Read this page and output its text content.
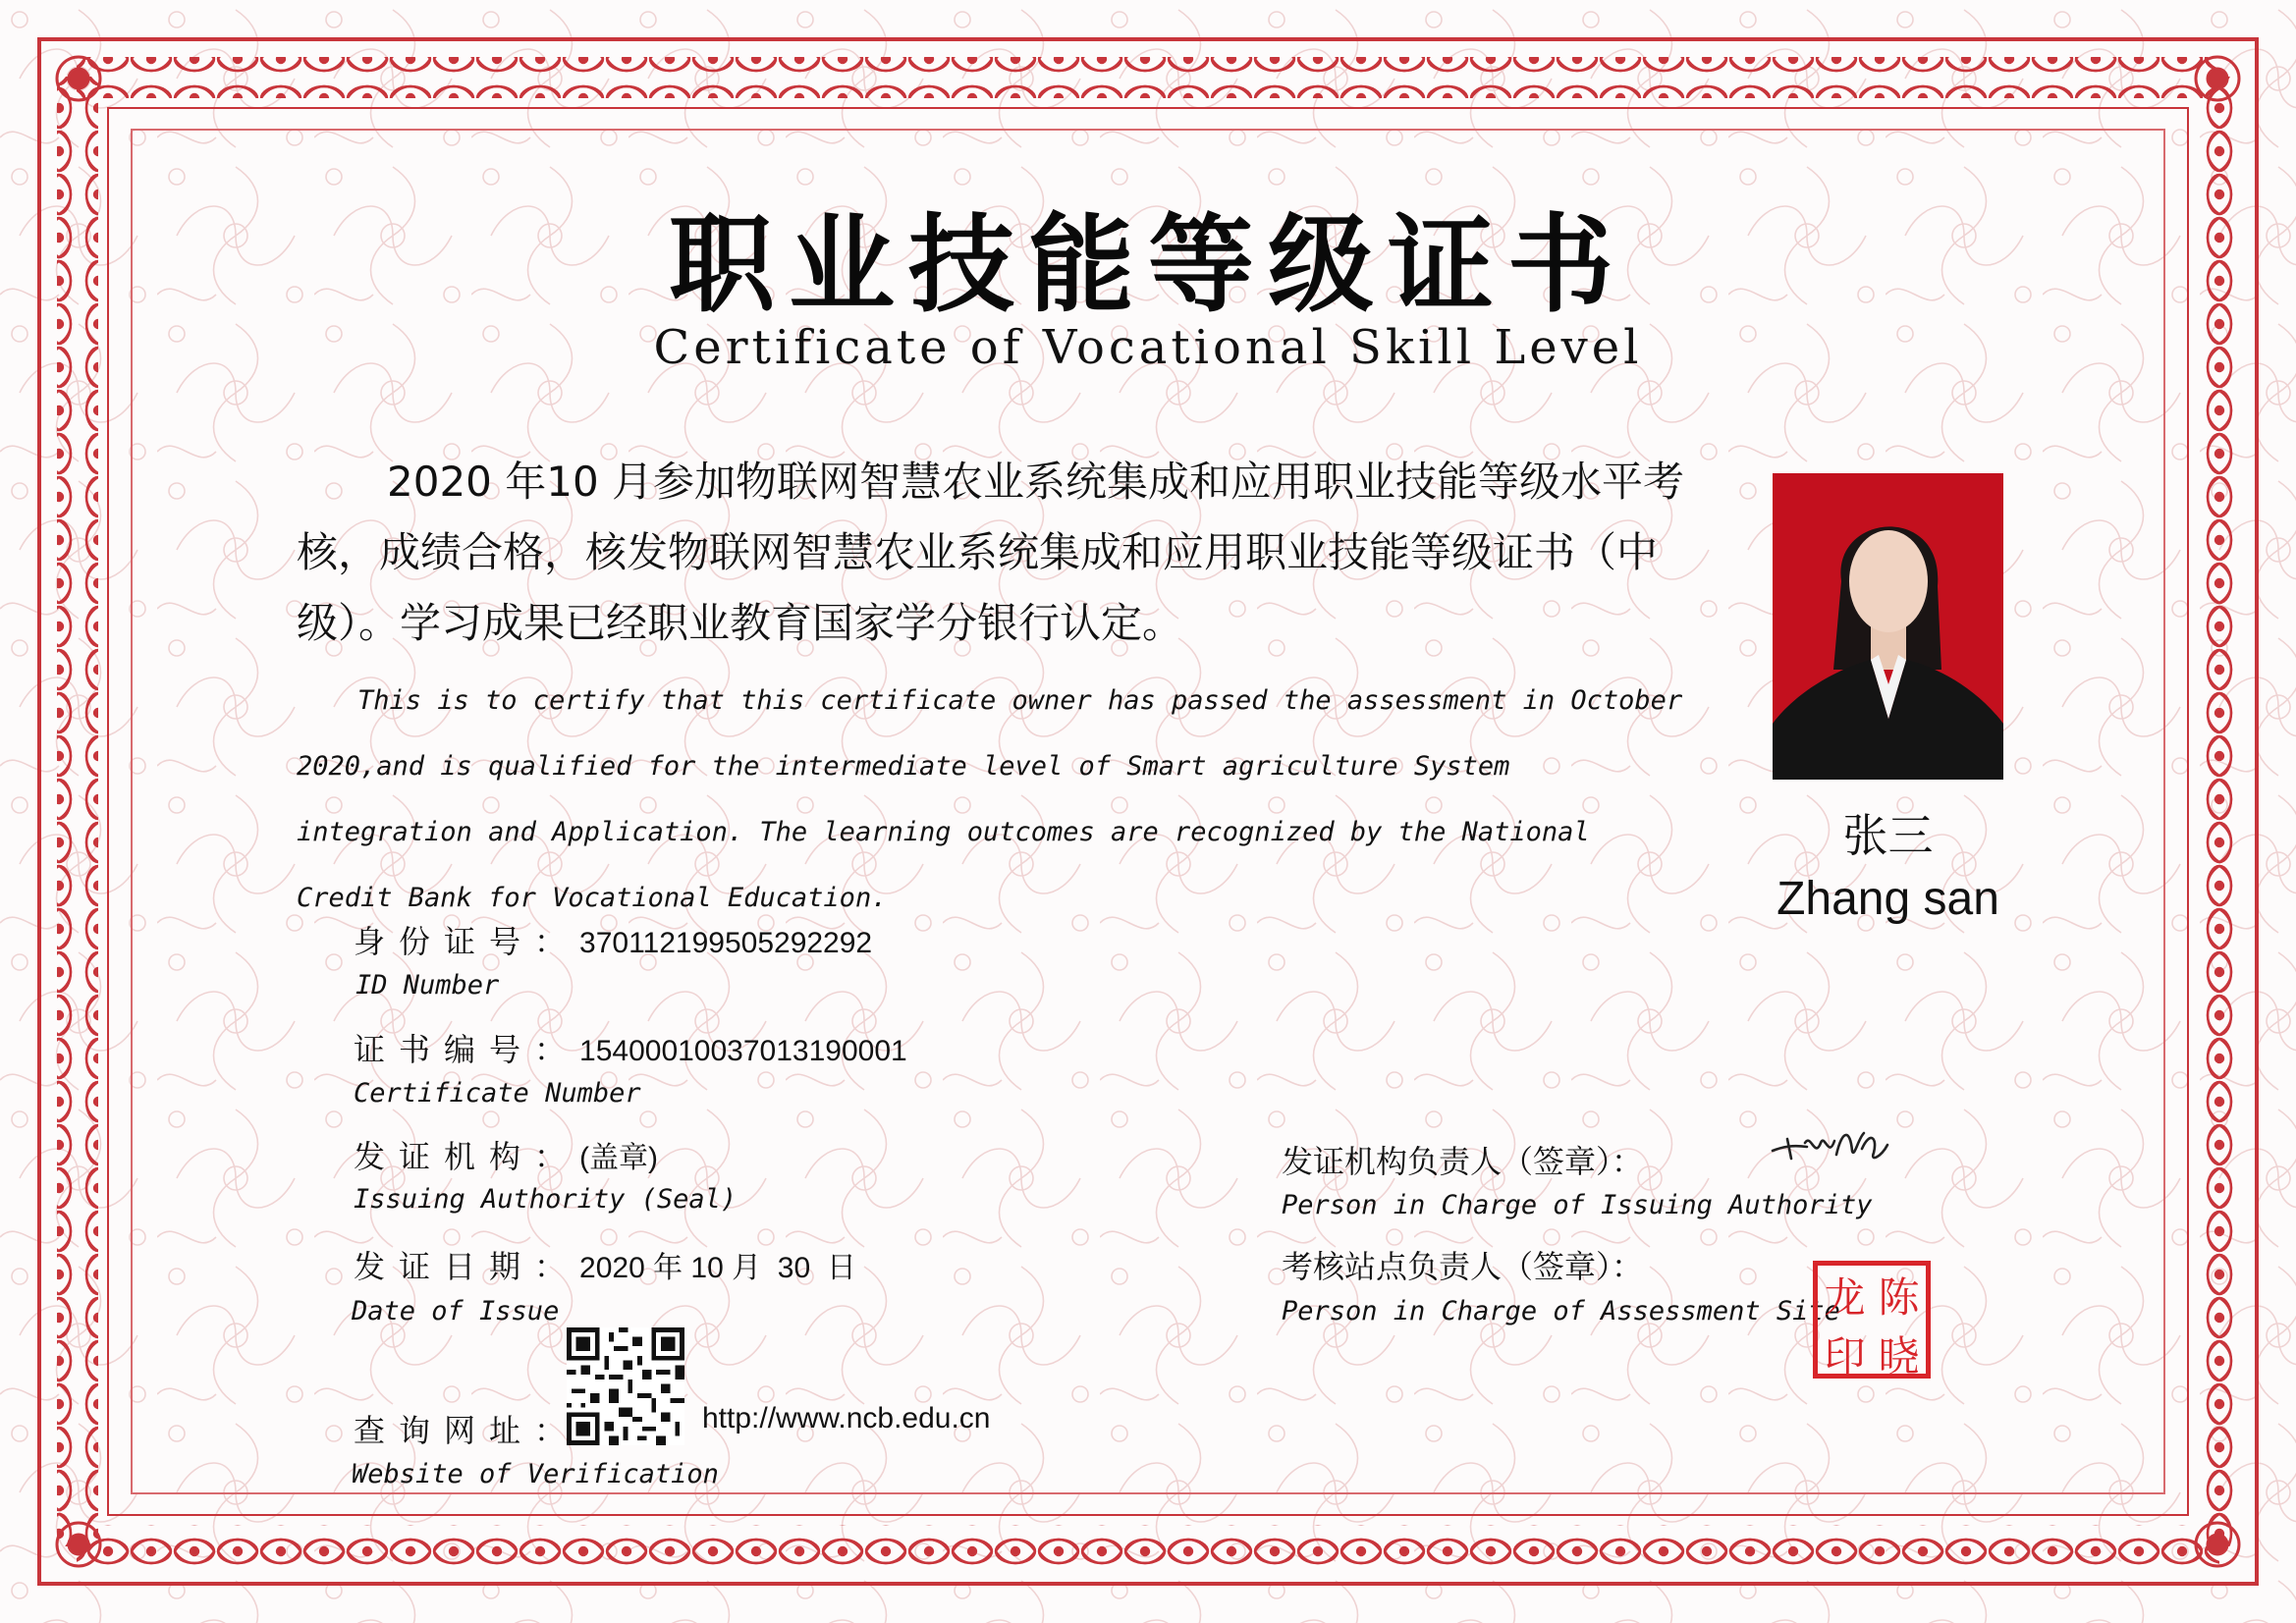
职业技能等级证书
Certificate of Vocational Skill Level

2020 年10 月参加物联网智慧农业系统集成和应用职业技能等级水平考核，成绩合格，核发物联网智慧农业系统集成和应用职业技能等级证书（中级）。学习成果已经职业教育国家学分银行认定。

This is to certify that this certificate owner has passed the assessment in October 2020,and is qualified for the intermediate level of Smart agriculture System integration and Application. The learning outcomes are recognized by the National Credit Bank for Vocational Education.

张三
Zhang san
身份证号：370112199505292292
ID Number
证书编号：15400010037013190001
Certificate Number
发证机构：(盖章)
Issuing Authority (Seal)
发证日期：2020 年 10 月  30  日
Date of Issue
查询网址：	http://www.ncb.edu.cn
Website of Verification
发证机构负责人（签章）：
Person in Charge of Issuing Authority
考核站点负责人（签章）：
Person in Charge of Assessment Site
龙 陈
印 晓
